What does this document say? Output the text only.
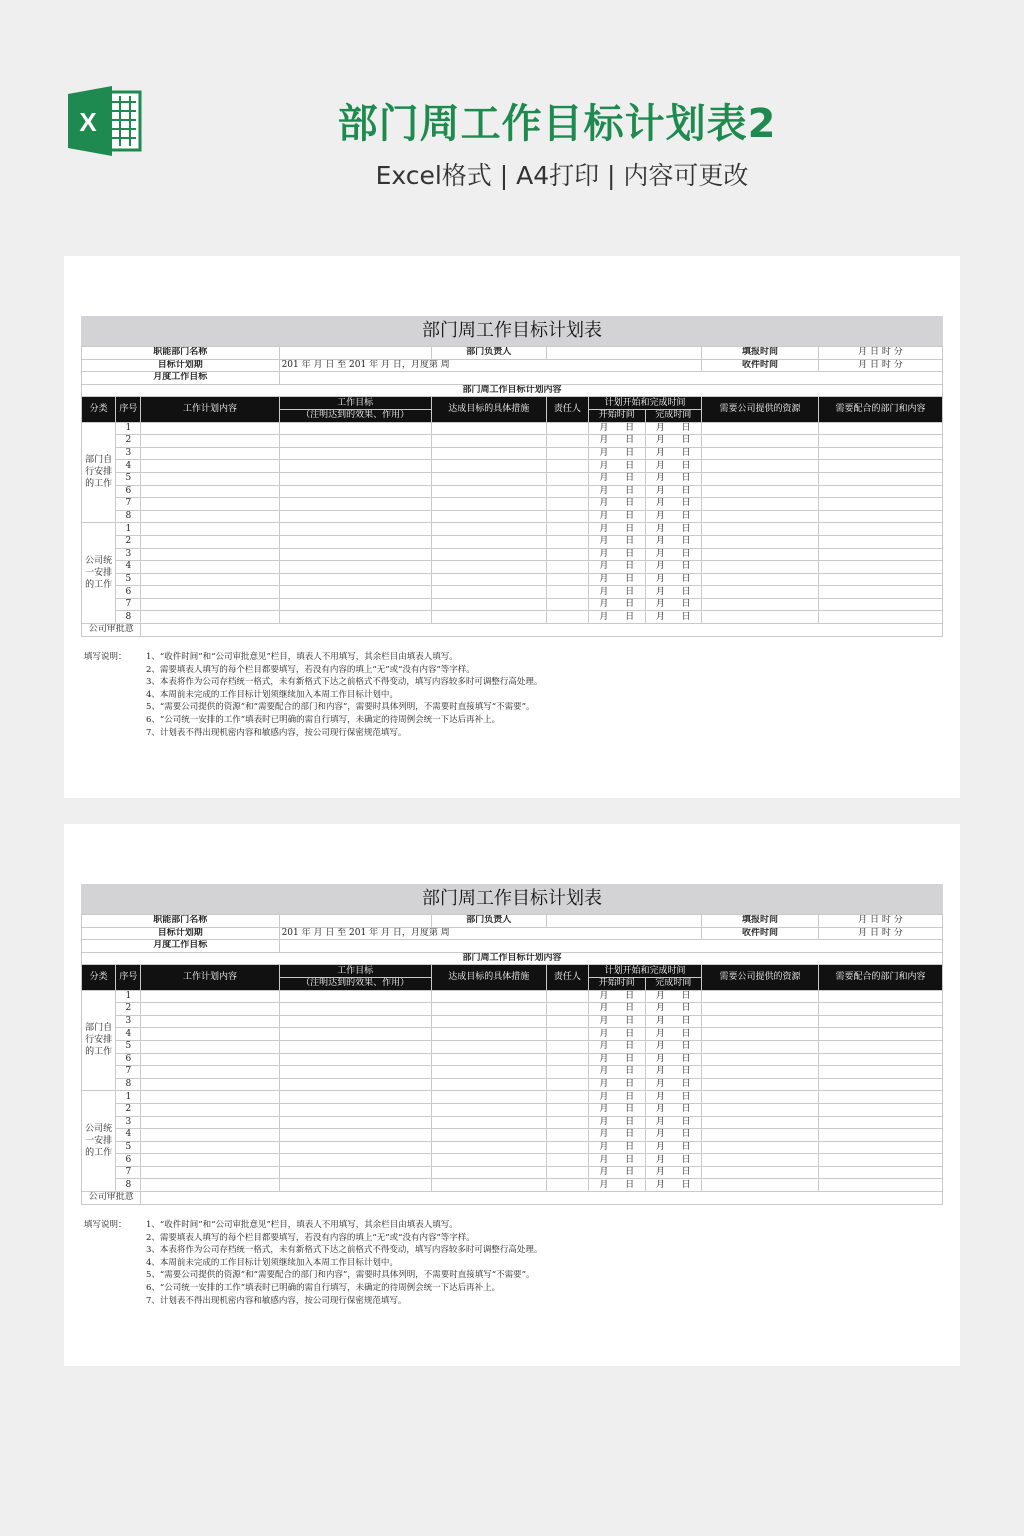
X	部门周工作目标计划表2
Excel格式 | A4打印 | 内容可更改
部门周工作目标计划表
职能部门名称				部门负责人				填报时间	月 日 时 分
目标计划期			201 年 月 日 至 201 年 月 日，月度第 周					收件时间	月 日 时 分
月度工作目标									
部门周工作目标计划内容									
分类	序号	工作计划内容	工作目标	达成目标的具体措施	责任人	计划开始和完成时间		需要公司提供的资源	需要配合的部门和内容
			（注明达到的效果、作用）			开始时间	完成时间		
部门自行安排的工作	1					月 日	月 日		

	2					月 日	月 日		

	3					月 日	月 日		

	4					月 日	月 日		

	5					月 日	月 日		

	6					月 日	月 日		

	7					月 日	月 日		

	8					月 日	月 日		

公司统一安排的工作	1					月 日	月 日		

	2					月 日	月 日		

	3					月 日	月 日		

	4					月 日	月 日		

	5					月 日	月 日		

	6					月 日	月 日		

	7					月 日	月 日		

	8					月 日	月 日		

公司审批意									
填写说明：	1、“收件时间”和“公司审批意见”栏目，填表人不用填写，其余栏目由填表人填写。
2、需要填表人填写的每个栏目都要填写，若没有内容的填上“无”或“没有内容”等字样。
3、本表将作为公司存档统一格式，未有新格式下达之前格式不得变动，填写内容较多时可调整行高处理。
4、本周前未完成的工作目标计划须继续加入本周工作目标计划中。
5、“需要公司提供的资源”和“需要配合的部门和内容”，需要时具体列明，不需要时直接填写“不需要”。
6、“公司统一安排的工作”填表时已明确的需自行填写，未确定的待周例会统一下达后再补上。
7、计划表不得出现机密内容和敏感内容，按公司现行保密规范填写。
部门周工作目标计划表
职能部门名称				部门负责人				填报时间	月 日 时 分
目标计划期			201 年 月 日 至 201 年 月 日，月度第 周					收件时间	月 日 时 分
月度工作目标									
部门周工作目标计划内容									
分类	序号	工作计划内容	工作目标	达成目标的具体措施	责任人	计划开始和完成时间		需要公司提供的资源	需要配合的部门和内容
			（注明达到的效果、作用）			开始时间	完成时间		
部门自行安排的工作	1					月 日	月 日		

	2					月 日	月 日		

	3					月 日	月 日		

	4					月 日	月 日		

	5					月 日	月 日		

	6					月 日	月 日		

	7					月 日	月 日		

	8					月 日	月 日		

公司统一安排的工作	1					月 日	月 日		

	2					月 日	月 日		

	3					月 日	月 日		

	4					月 日	月 日		

	5					月 日	月 日		

	6					月 日	月 日		

	7					月 日	月 日		

	8					月 日	月 日		

公司审批意									
填写说明：	1、“收件时间”和“公司审批意见”栏目，填表人不用填写，其余栏目由填表人填写。
2、需要填表人填写的每个栏目都要填写，若没有内容的填上“无”或“没有内容”等字样。
3、本表将作为公司存档统一格式，未有新格式下达之前格式不得变动，填写内容较多时可调整行高处理。
4、本周前未完成的工作目标计划须继续加入本周工作目标计划中。
5、“需要公司提供的资源”和“需要配合的部门和内容”，需要时具体列明，不需要时直接填写“不需要”。
6、“公司统一安排的工作”填表时已明确的需自行填写，未确定的待周例会统一下达后再补上。
7、计划表不得出现机密内容和敏感内容，按公司现行保密规范填写。
